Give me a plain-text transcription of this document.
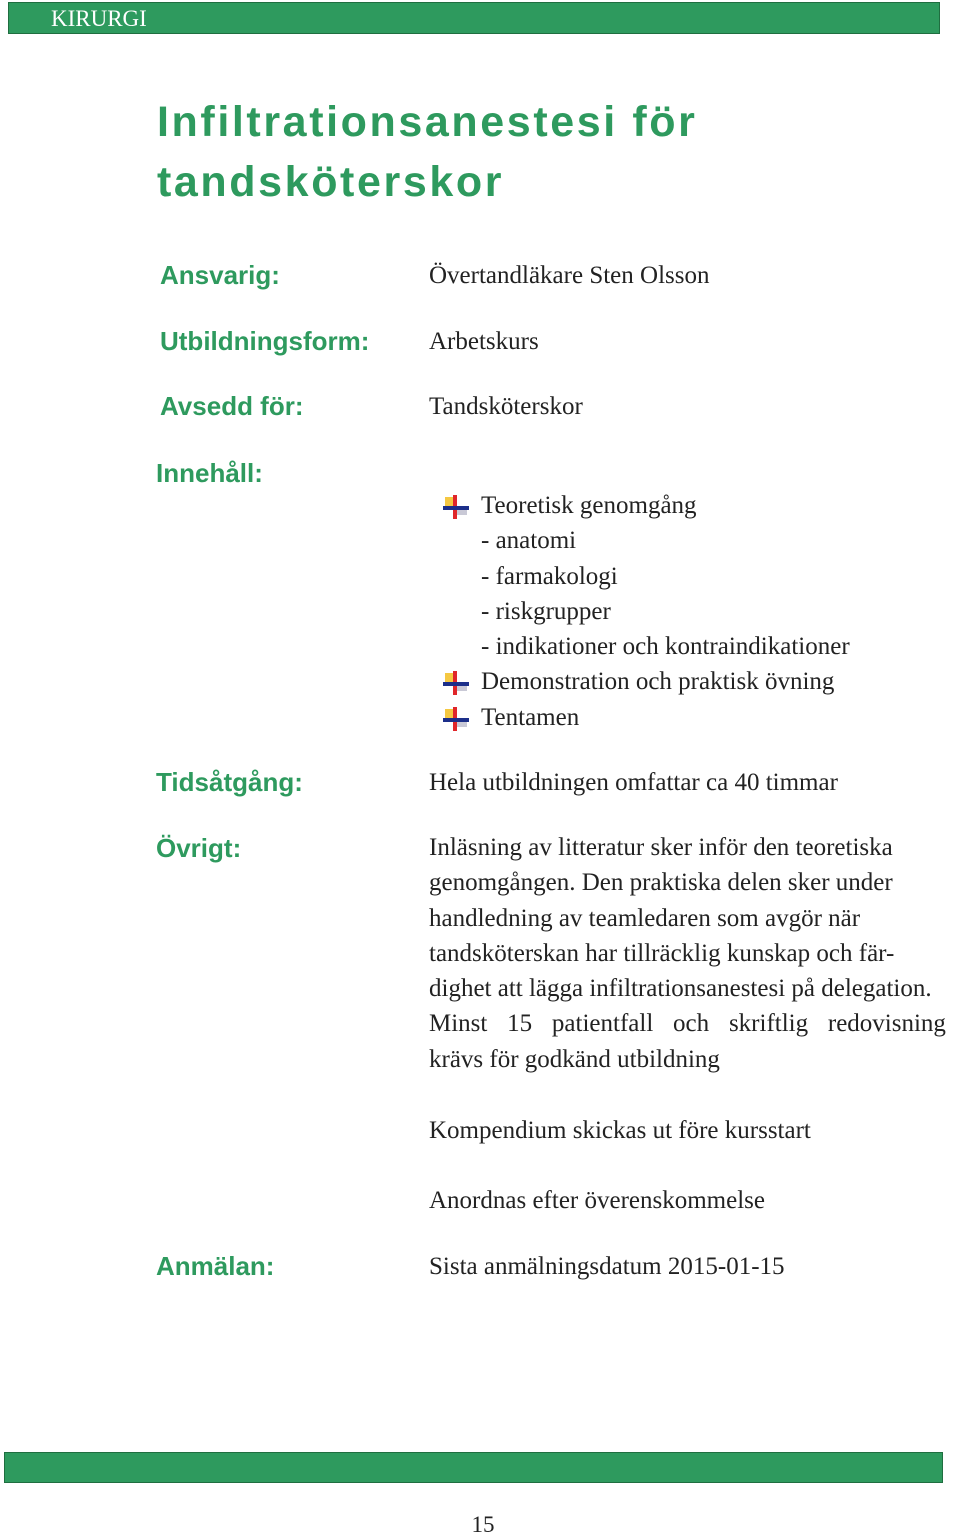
KIRURGI
Infiltrationsanestesi för
tandsköterskor
Ansvarig:	Övertandläkare Sten Olsson
Utbildningsform: Arbetskurs
Avsedd för:	Tandsköterskor
Innehåll:
Teoretisk genomgång
- anatomi
- farmakologi
- riskgrupper
- indikationer och kontraindikationer
Demonstration och praktisk övning
Tentamen
Tidsåtgång:	Hela utbildningen omfattar ca 40 timmar
Övrigt:	Inläsning av litteratur sker inför den teoretiska
genomgången. Den praktiska delen sker under
handledning av teamledaren som avgör när
tandsköterskan har tillräcklig kunskap och fär-
dighet att lägga infiltrationsanestesi på delegation.
Minst 15 patientfall och skriftlig redovisning
krävs för godkänd utbildning
Kompendium skickas ut före kursstart
Anordnas efter överenskommelse
Anmälan:	Sista anmälningsdatum 2015-01-15
15
